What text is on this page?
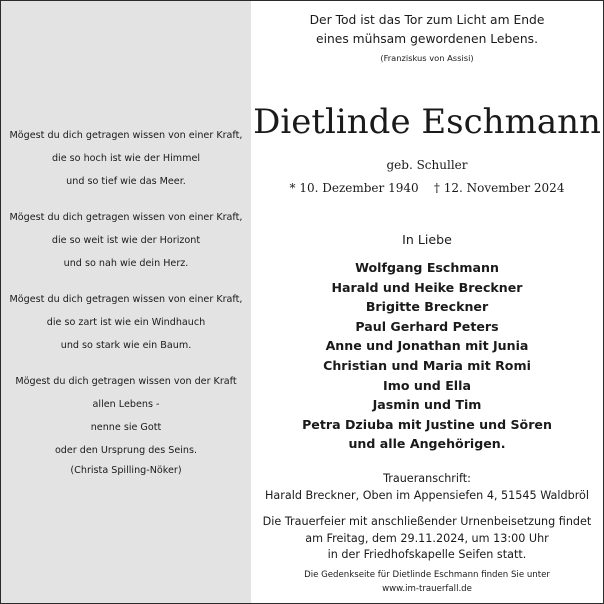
Mögest du dich getragen wissen von einer Kraft,
die so hoch ist wie der Himmel
und so tief wie das Meer.
Mögest du dich getragen wissen von einer Kraft,
die so weit ist wie der Horizont
und so nah wie dein Herz.
Mögest du dich getragen wissen von einer Kraft,
die so zart ist wie ein Windhauch
und so stark wie ein Baum.
Mögest du dich getragen wissen von der Kraft
allen Lebens -
nenne sie Gott
oder den Ursprung des Seins.
(Christa Spilling-Nöker)
Der Tod ist das Tor zum Licht am Ende
eines mühsam gewordenen Lebens.
(Franziskus von Assisi)
Dietlinde Eschmann
geb. Schuller
* 10. Dezember 1940    † 12. November 2024
In Liebe
Wolfgang Eschmann
Harald und Heike Breckner
Brigitte Breckner
Paul Gerhard Peters
Anne und Jonathan mit Junia
Christian und Maria mit Romi
Imo und Ella
Jasmin und Tim
Petra Dziuba mit Justine und Sören
und alle Angehörigen.
Traueranschrift:
Harald Breckner, Oben im Appensiefen 4, 51545 Waldbröl
Die Trauerfeier mit anschließender Urnenbeisetzung findet
am Freitag, dem 29.11.2024, um 13:00 Uhr
in der Friedhofskapelle Seifen statt.
Die Gedenkseite für Dietlinde Eschmann finden Sie unter
www.im-trauerfall.de
